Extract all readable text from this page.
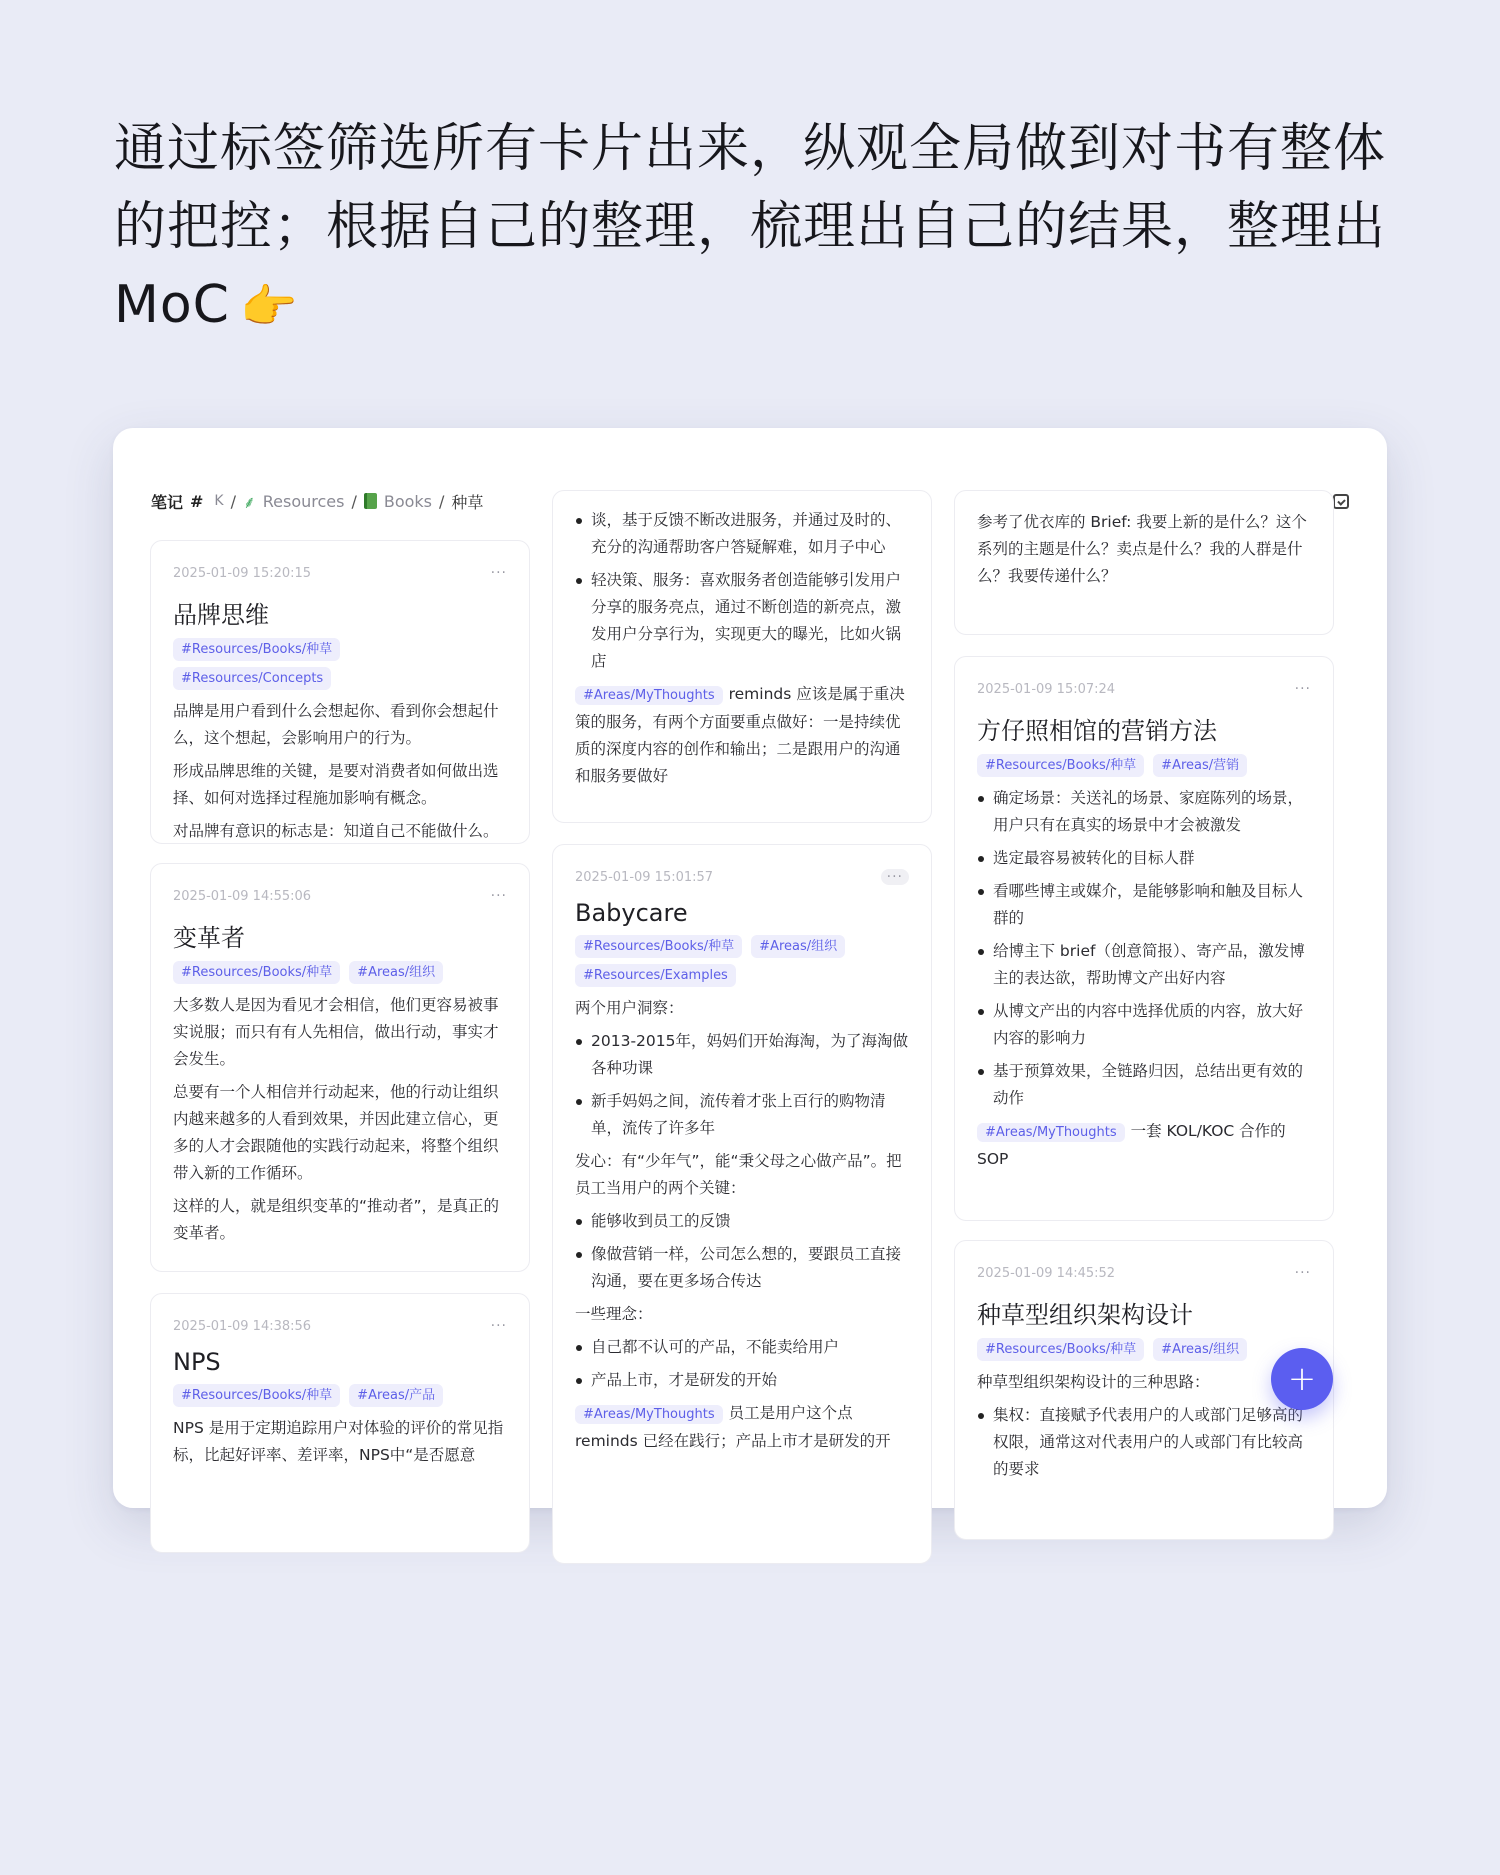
通过标签筛选所有卡片出来，纵观全局做到对书有整体
的把控；根据自己的整理，梳理出自己的结果，整理出
MoC 👉
笔记 # K / ⸙ Resources / Books / 种草
2025-01-09 15:20:15	···
品牌思维
#Resources/Books/种草
#Resources/Concepts

品牌是用户看到什么会想起你、看到你会想起什么，这个想起，会影响用户的行为。

形成品牌思维的关键，是要对消费者如何做出选择、如何对选择过程施加影响有概念。

对品牌有意识的标志是：知道自己不能做什么。

2025-01-09 14:55:06	···
变革者
#Resources/Books/种草	#Areas/组织

大多数人是因为看见才会相信，他们更容易被事实说服；而只有有人先相信，做出行动，事实才会发生。

总要有一个人相信并行动起来，他的行动让组织内越来越多的人看到效果，并因此建立信心，更多的人才会跟随他的实践行动起来，将整个组织带入新的工作循环。

这样的人，就是组织变革的“推动者”，是真正的变革者。

2025-01-09 14:38:56	···
NPS
#Resources/Books/种草	#Areas/产品

NPS 是用于定期追踪用户对体验的评价的常见指标，比起好评率、差评率，NPS中“是否愿意

谈，基于反馈不断改进服务，并通过及时的、充分的沟通帮助客户答疑解难，如月子中心
轻决策、服务：喜欢服务者创造能够引发用户分享的服务亮点，通过不断创造的新亮点，激发用户分享行为，实现更大的曝光，比如火锅店

#Areas/MyThoughts reminds 应该是属于重决策的服务，有两个方面要重点做好：一是持续优质的深度内容的创作和输出；二是跟用户的沟通和服务要做好

2025-01-09 15:01:57	···
Babycare
#Resources/Books/种草	#Areas/组织
#Resources/Examples

两个用户洞察：

2013-2015年，妈妈们开始海淘，为了海淘做各种功课
新手妈妈之间，流传着才张上百行的购物清单，流传了许多年

发心：有“少年气”，能“秉父母之心做产品”。把员工当用户的两个关键：

能够收到员工的反馈
像做营销一样，公司怎么想的，要跟员工直接沟通，要在更多场合传达

一些理念：

自己都不认可的产品，不能卖给用户
产品上市，才是研发的开始

#Areas/MyThoughts 员工是用户这个点 reminds 已经在践行；产品上市才是研发的开

参考了优衣库的 Brief: 我要上新的是什么？这个系列的主题是什么？卖点是什么？我的人群是什么？我要传递什么？

2025-01-09 15:07:24	···
方仔照相馆的营销方法
#Resources/Books/种草	#Areas/营销
确定场景：关送礼的场景、家庭陈列的场景，用户只有在真实的场景中才会被激发
选定最容易被转化的目标人群
看哪些博主或媒介，是能够影响和触及目标人群的
给博主下 brief（创意简报）、寄产品，激发博主的表达欲，帮助博文产出好内容
从博文产出的内容中选择优质的内容，放大好内容的影响力
基于预算效果，全链路归因，总结出更有效的动作

#Areas/MyThoughts 一套 KOL/KOC 合作的 SOP

2025-01-09 14:45:52	···
种草型组织架构设计
#Resources/Books/种草	#Areas/组织

种草型组织架构设计的三种思路：

集权：直接赋予代表用户的人或部门足够高的权限，通常这对代表用户的人或部门有比较高的要求
+
